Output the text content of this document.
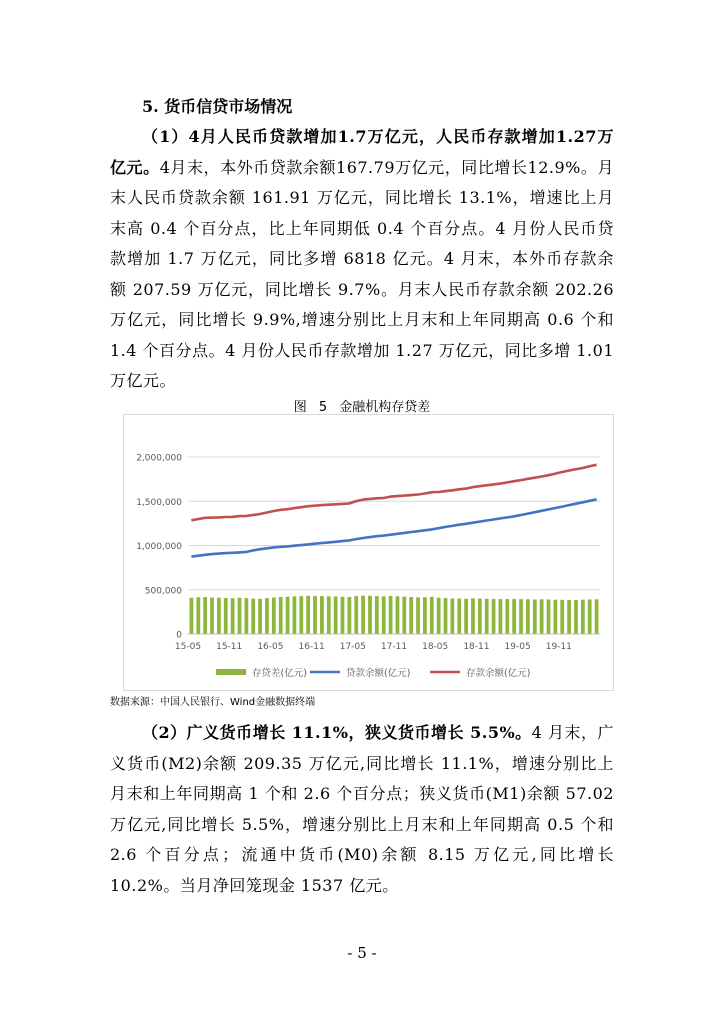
5. 货币信贷市场情况

（1）4月人民币贷款增加1.7万亿元，人民币存款增加1.27万亿元。4月末，本外币贷款余额167.79万亿元，同比增长12.9%。月末人民币贷款余额 161.91 万亿元，同比增长 13.1%，增速比上月末高 0.4 个百分点，比上年同期低 0.4 个百分点。4 月份人民币贷款增加 1.7 万亿元，同比多增 6818 亿元。4 月末，本外币存款余额 207.59 万亿元，同比增长 9.7%。月末人民币存款余额 202.26 万亿元，同比增长 9.9%,增速分别比上月末和上年同期高 0.6 个和 1.4 个百分点。4 月份人民币存款增加 1.27 万亿元，同比多增 1.01 万亿元。

图 5 金融机构存贷差
0
500,000
1,000,000
1,500,000
2,000,000
15-05 15-11 16-05 16-11 17-05 17-11 18-05 18-11 19-05 19-11
存贷差(亿元)	贷款余额(亿元)	存款余额(亿元)
数据来源：中国人民银行、Wind金融数据终端

（2）广义货币增长 11.1%，狭义货币增长 5.5%。4 月末，广义货币(M2)余额 209.35 万亿元,同比增长 11.1%，增速分别比上月末和上年同期高 1 个和 2.6 个百分点；狭义货币(M1)余额 57.02 万亿元,同比增长 5.5%，增速分别比上月末和上年同期高 0.5 个和 2.6 个百分点；流通中货币(M0)余额 8.15 万亿元,同比增长 10.2%。当月净回笼现金 1537 亿元。

- 5 -
